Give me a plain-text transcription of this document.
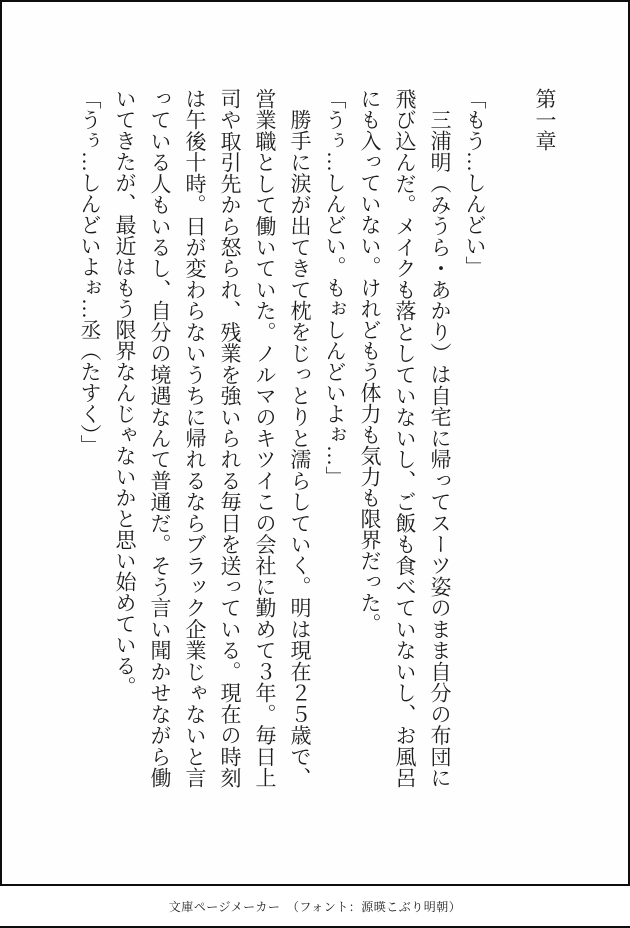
第一章

「もう…しんどい」

三浦明（みうら・あかり）は自宅に帰ってスーツ姿のまま自分の布団に飛び込んだ。メイクも落としていないし、ご飯も食べていないし、お風呂にも入っていない。けれどもう体力も気力も限界だった。

「うぅ…しんどい。もぉしんどいよぉ…」

勝手に涙が出てきて枕をじっとりと濡らしていく。明は現在２５歳で、営業職として働いていた。ノルマのキツイこの会社に勤めて３年。毎日上司や取引先から怒られ、残業を強いられる毎日を送っている。現在の時刻は午後十時。日が変わらないうちに帰れるならブラック企業じゃないと言っている人もいるし、自分の境遇なんて普通だ。そう言い聞かせながら働いてきたが、最近はもう限界なんじゃないかと思い始めている。

「うぅ…しんどいよぉ…丞（たすく）」

文庫ページメーカー　（フォント：源暎こぶり明朝）
